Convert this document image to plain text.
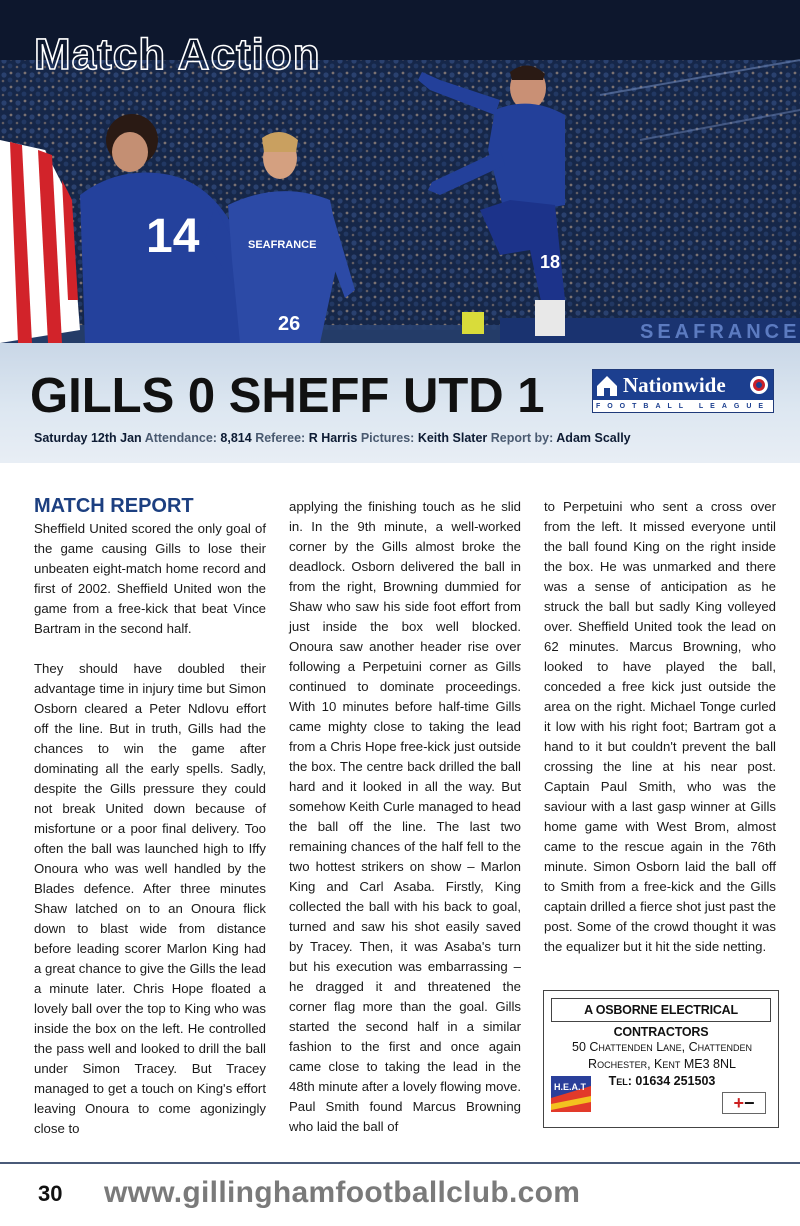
SEAFRANCE
14	SEAFRANCE
26
18
Match Action
GILLS 0 SHEFF UTD 1	Nationwide
FOOTBALL LEAGUE
Saturday 12th Jan Attendance: 8,814 Referee: R Harris Pictures: Keith Slater Report by: Adam Scally
MATCH REPORT

Sheffield United scored the only goal of the game causing Gills to lose their unbeaten eight-match home record and first of 2002. Sheffield United won the game from a free-kick that beat Vince Bartram in the second half.

They should have doubled their advantage time in injury time but Simon Osborn cleared a Peter Ndlovu effort off the line. But in truth, Gills had the chances to win the game after dominating all the early spells. Sadly, despite the Gills pressure they could not break United down because of misfortune or a poor final delivery. Too often the ball was launched high to Iffy Onoura who was well handled by the Blades defence. After three minutes Shaw latched on to an Onoura flick down to blast wide from distance before leading scorer Marlon King had a great chance to give the Gills the lead a minute later. Chris Hope floated a lovely ball over the top to King who was inside the box on the left. He controlled the pass well and looked to drill the ball under Simon Tracey. But Tracey managed to get a touch on King's effort leaving Onoura to come agonizingly close to

applying the finishing touch as he slid in. In the 9th minute, a well-worked corner by the Gills almost broke the deadlock. Osborn delivered the ball in from the right, Browning dummied for Shaw who saw his side foot effort from just inside the box well blocked. Onoura saw another header rise over following a Perpetuini corner as Gills continued to dominate proceedings. With 10 minutes before half-time Gills came mighty close to taking the lead from a Chris Hope free-kick just outside the box. The centre back drilled the ball hard and it looked in all the way. But somehow Keith Curle managed to head the ball off the line. The last two remaining chances of the half fell to the two hottest strikers on show – Marlon King and Carl Asaba. Firstly, King collected the ball with his back to goal, turned and saw his shot easily saved by Tracey. Then, it was Asaba's turn but his execution was embarrassing – he dragged it and threatened the corner flag more than the goal. Gills started the second half in a similar fashion to the first and once again came close to taking the lead in the 48th minute after a lovely flowing move. Paul Smith found Marcus Browning who laid the ball of

to Perpetuini who sent a cross over from the left. It missed everyone until the ball found King on the right inside the box. He was unmarked and there was a sense of anticipation as he struck the ball but sadly King volleyed over. Sheffield United took the lead on 62 minutes. Marcus Browning, who looked to have played the ball, conceded a free kick just outside the area on the right. Michael Tonge curled it low with his right foot; Bartram got a hand to it but couldn't prevent the ball crossing the line at his near post. Captain Paul Smith, who was the saviour with a last gasp winner at Gills home game with West Brom, almost came to the rescue again in the 76th minute. Simon Osborn laid the ball off to Smith from a free-kick and the Gills captain drilled a fierce shot just past the post. Some of the crowd thought it was the equalizer but it hit the side netting.

A OSBORNE ELECTRICAL CONTRACTORS
50 Chattenden Lane, Chattenden
Rochester, Kent ME3 8NL
Tel: 01634 251503
H.E.A.T
+ −
30 www.gillinghamfootballclub.com
